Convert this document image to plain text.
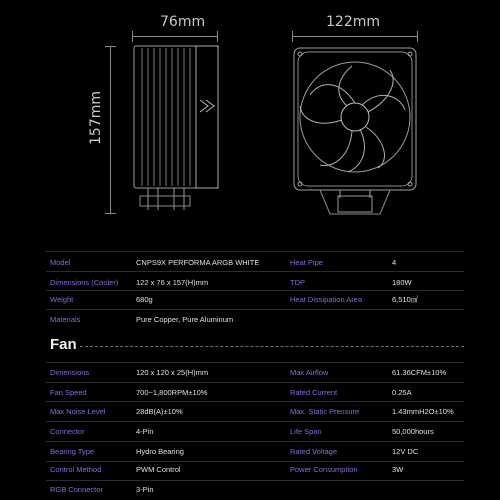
76mm	122mm
157mm
Model	CNPS9X PERFORMA ARGB WHITE	Heat Pipe	4
Dimensions (Cooler) 122 x 76 x 157(H)mm	TDP	180W
Weight	680g	Heat Dissipation Area	6,510㎠
Materials	Pure Copper, Pure Aluminum
Fan
Dimensions	120 x 120 x 25(H)mm	Max Airflow	61.36CFM±10%
Fan Speed	700~1,800RPM±10%	Rated Current	0.25A
Max Noise Level	28dB(A)±10%	Max. Static Pressure	1.43mmH2O±10%
Connector	4-Pin	Life Span	50,000hours
Bearing Type	Hydro Bearing	Rated Voltage	12V DC
Control Method	PWM Control	Power Consumption	3W
RGB Connector	3-Pin
